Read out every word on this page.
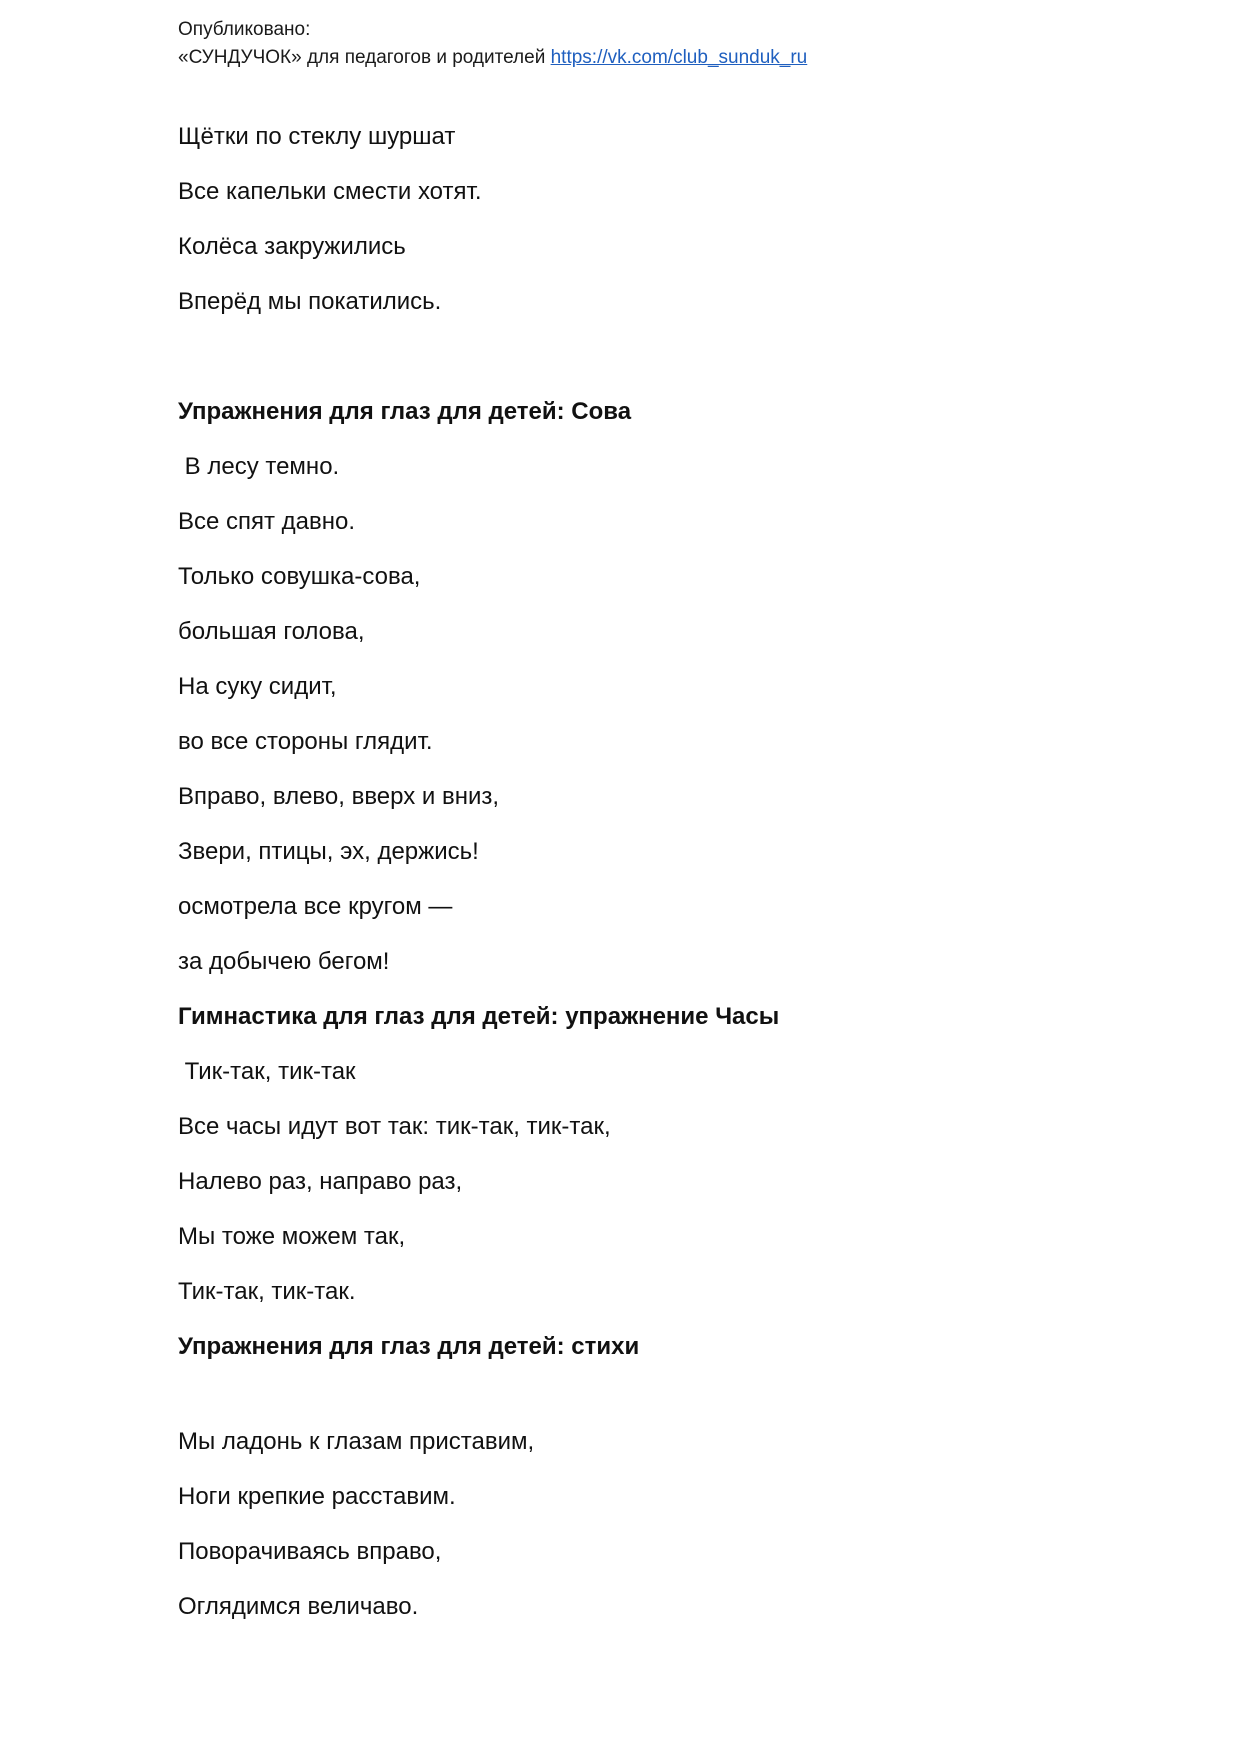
Опубликовано:
«СУНДУЧОК» для педагогов и родителей https://vk.com/club_sunduk_ru
Щётки по стеклу шуршат
Все капельки смести хотят.
Колёса закружились
Вперёд мы покатились.
Упражнения для глаз для детей: Сова
В лесу темно.
Все спят давно.
Только совушка-сова,
большая голова,
На суку сидит,
во все стороны глядит.
Вправо, влево, вверх и вниз,
Звери, птицы, эх, держись!
осмотрела все кругом —
за добычею бегом!
Гимнастика для глаз для детей: упражнение Часы
Тик-так, тик-так
Все часы идут вот так: тик-так, тик-так,
Налево раз, направо раз,
Мы тоже можем так,
Тик-так, тик-так.
Упражнения для глаз для детей: стихи
Мы ладонь к глазам приставим,
Ноги крепкие расставим.
Поворачиваясь вправо,
Оглядимся величаво.
